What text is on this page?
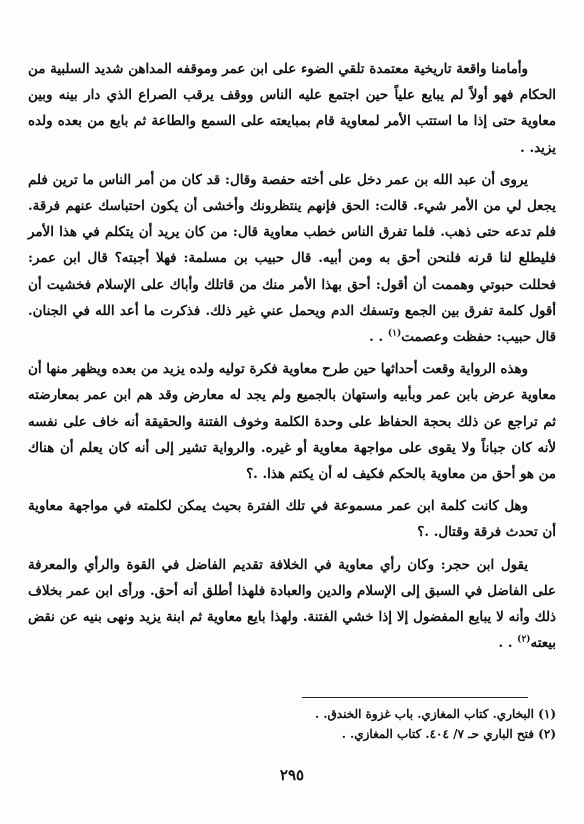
وأمامنا واقعة تاريخية معتمدة تلقي الضوء على ابن عمر وموقفه المداهن شديد السلبية من الحكام فهو أولاً لم يبايع علياً حين اجتمع عليه الناس ووقف يرقب الصراع الذي دار بينه وبين معاوية حتى إذا ما استتب الأمر لمعاوية قام بمبايعته على السمع والطاعة ثم بايع من بعده ولده يزيد. .

يروى أن عبد الله بن عمر دخل على أخته حفصة وقال: قد كان من أمر الناس ما ترين فلم يجعل لي من الأمر شيء. قالت: الحق فإنهم ينتظرونك وأخشى أن يكون احتباسك عنهم فرقة. فلم تدعه حتى ذهب. فلما تفرق الناس خطب معاوية قال: من كان يريد أن يتكلم في هذا الأمر فليطلع لنا قرنه فلنحن أحق به ومن أبيه. قال حبيب بن مسلمة: فهلا أجبته؟ قال ابن عمر: فحللت حبوتي وهممت أن أقول: أحق بهذا الأمر منك من قاتلك وأباك على الإسلام فخشيت أن أقول كلمة تفرق بين الجمع وتسفك الدم ويحمل عني غير ذلك. فذكرت ما أعد الله في الجنان. قال حبيب: حفظت وعصمت$^{(١)}$ . .

وهذه الرواية وقعت أحداثها حين طرح معاوية فكرة توليه ولده يزيد من بعده ويظهر منها أن معاوية عرض بابن عمر وبأبيه واستهان بالجميع ولم يجد له معارض وقد هم ابن عمر بمعارضته ثم تراجع عن ذلك بحجة الحفاظ على وحدة الكلمة وخوف الفتنة والحقيقة أنه خاف على نفسه لأنه كان جباناً ولا يقوى على مواجهة معاوية أو غيره. والرواية تشير إلى أنه كان يعلم أن هناك من هو أحق من معاوية بالحكم فكيف له أن يكتم هذا. .؟

وهل كانت كلمة ابن عمر مسموعة في تلك الفترة بحيث يمكن لكلمته في مواجهة معاوية أن تحدث فرقة وقتال. .؟

يقول ابن حجر: وكان رأي معاوية في الخلافة تقديم الفاضل في القوة والرأي والمعرفة على الفاضل في السبق إلى الإسلام والدين والعبادة فلهذا أطلق أنه أحق. ورأى ابن عمر بخلاف ذلك وأنه لا يبايع المفضول إلا إذا خشي الفتنة. ولهذا بايع معاوية ثم ابنة يزيد ونهى بنيه عن نقض بيعته$^{(٢)}$ . .

(١) البخاري. كتاب المغازي. باب غزوة الخندق. .

(٢) فتح الباري حـ ٧/ ٤٠٤. كتاب المغازي. .

٢٩٥
